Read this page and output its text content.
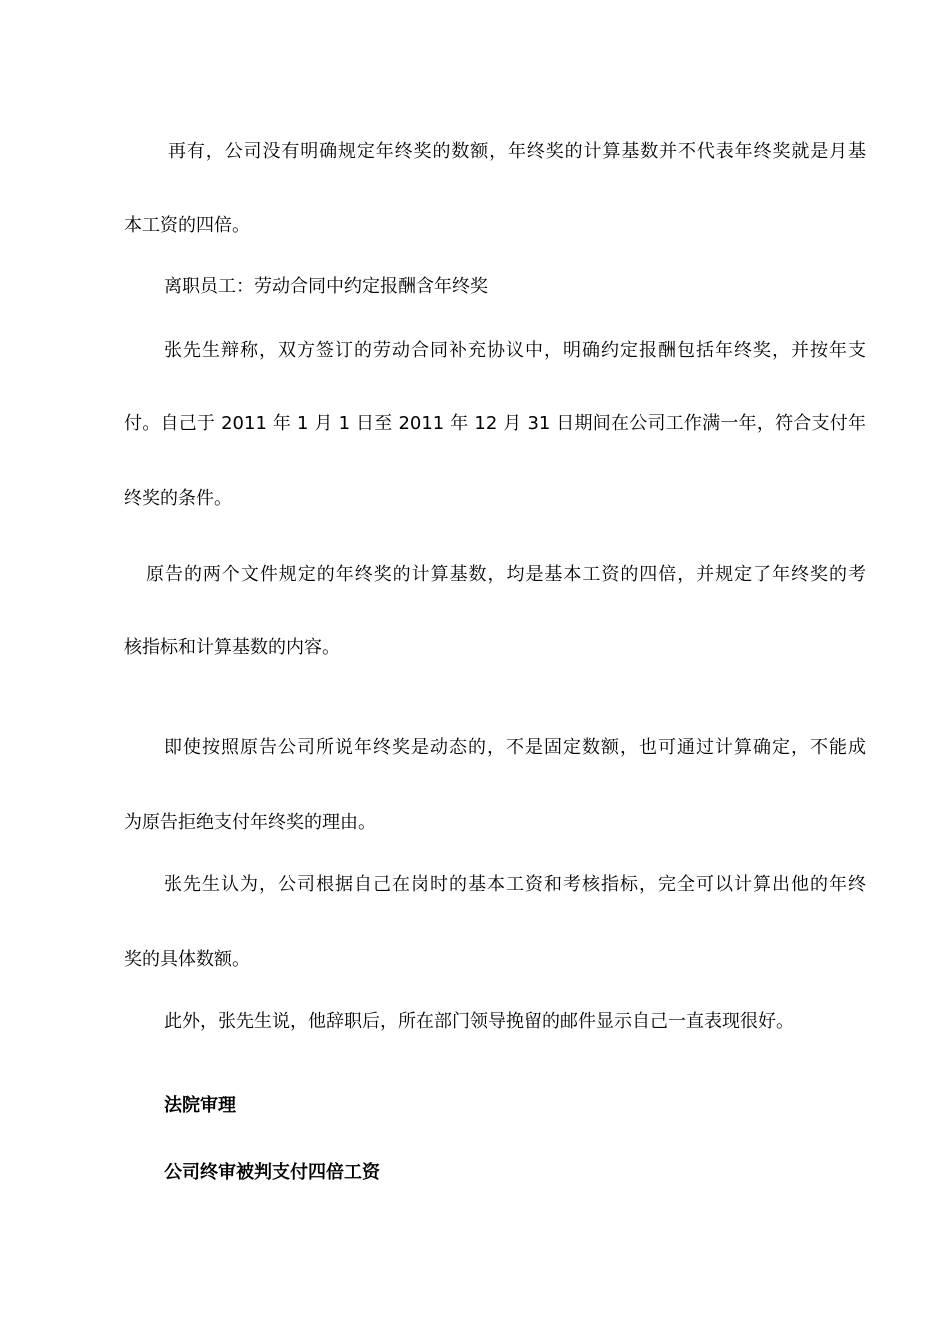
再有，公司没有明确规定年终奖的数额，年终奖的计算基数并不代表年终奖就是月基
本工资的四倍。
离职员工：劳动合同中约定报酬含年终奖
张先生辩称，双方签订的劳动合同补充协议中，明确约定报酬包括年终奖，并按年支
付。自己于 2011 年 1 月 1 日至 2011 年 12 月 31 日期间在公司工作满一年，符合支付年
终奖的条件。
原告的两个文件规定的年终奖的计算基数，均是基本工资的四倍，并规定了年终奖的考
核指标和计算基数的内容。
即使按照原告公司所说年终奖是动态的，不是固定数额，也可通过计算确定，不能成
为原告拒绝支付年终奖的理由。
张先生认为，公司根据自己在岗时的基本工资和考核指标，完全可以计算出他的年终
奖的具体数额。
此外，张先生说，他辞职后，所在部门领导挽留的邮件显示自己一直表现很好。
法院审理
公司终审被判支付四倍工资
